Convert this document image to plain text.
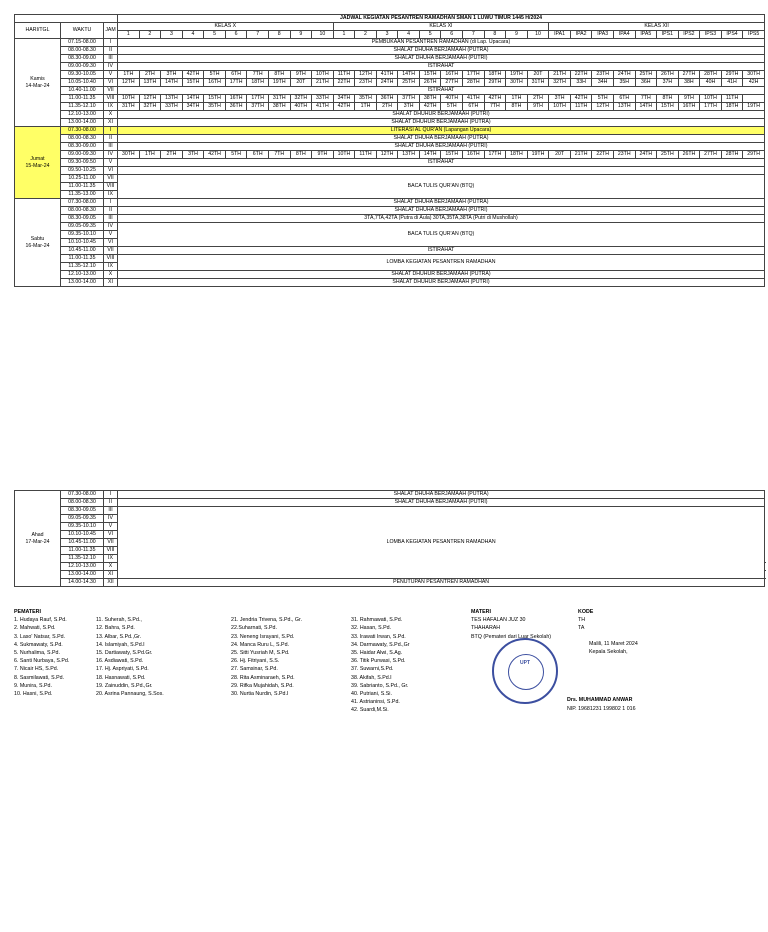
			JADWAL KEGIATAN PESANTREN RAMADHAN SMAN 1 LUWU TIMUR 1445 H/2024																														
HARI/TGL	WAKTU	JAM	KELAS X										KELAS XI										KELAS XII										
			1	2	3	4	5	6	7	8	9	10	1	2	3	4	5	6	7	8	9	10	IPA1	IPA2	IPA3	IPA4	IPA5	IPS1	IPS2	IPS3	IPS4	IPS5	

Kamis
14-Mar-24	07.15-08.00	I	PEMBUKAAN PESANTREN RAMADHAN (di Lap. Upacara)																														
	08.00-08.30	II	SHALAT DHUHA BERJAMAAH (PUTRA)																														
	08.30-09.00	III	SHALAT DHUHA BERJAMAAH (PUTRI)																														
	09.00-09.30	IV	ISTIRAHAT																														
	09.30-10.05	V	1TH	2TH	3TH	42TH	5TH	6TH	7TH	8TH	9TH	10TH	11TH	12TH	41TH	14TH	15TH	16TH	17TH	18TH	19TH	20T	21TH	22TH	23TH	24TH	25TH	26TH	27TH	28TH	29TH	30TH	
	10.05-10.40	VI	12TH	13TH	14TH	15TH	16TH	17TH	18TH	19TH	20T	21TH	22TH	23TH	24TH	25TH	26TH	27TH	28TH	29TH	30TH	31TH	32TH	33H	34H	35H	36H	37H	38H	40H	41H	42H	
	10.40-11.00	VII	ISTIRAHAT																														
	11.00-11.35	VIII	10TH	12TH	13TH	14TH	15TH	16TH	17TH	31TH	32TH	33TH	34TH	35TH	36TH	37TH	38TH	40TH	41TH	42TH	1TH	2TH	3TH	42TH	5TH	6TH	7TH	8TH	9TH	10TH	11TH		
	11.35-12.10	IX	31TH	32TH	33TH	34TH	35TH	36TH	37TH	38TH	40TH	41TH	42TH	1TH	2TH	3TH	42TH	5TH	6TH	7TH	8TH	9TH	10TH	11TH	12TH	13TH	14TH	15TH	16TH	17TH	18TH	19TH	
	12.10-13.00	X	SHALAT DHUHUR BERJAMAAH (PUTRI)																														
	13.00-14.00	XI	SHALAT DHUHUR BERJAMAAH (PUTRA)																														

Jumat
15-Mar-24	07.30-08.00	I	LITERASI AL QUR'AN (Lapangan Upacara)																														
	08.00-08.30	II	SHALAT DHUHA BERJAMAAH (PUTRA)																														
	08.30-09.00	III	SHALAT DHUHA BERJAMAAH (PUTRI)																														
	09.00-09.30	IV	30TH	1TH	2TH	3TH	42TH	5TH	6TH	7TH	8TH	9TH	10TH	11TH	12TH	13TH	14TH	15TH	16TH	17TH	18TH	19TH	20T	21TH	22TH	23TH	24TH	25TH	26TH	27TH	28TH	29TH	
	09.30-09.50	V	ISTIRAHAT																														
	09.50-10.25	VI																															
	10.25-11.00	VII	BACA TULIS QUR'AN (BTQ)																														
	11.00-11.35	VIII																															
	11.35-13.00	IX	

Sabtu
16-Mar-24	07.30-08.00	I	SHALAT DHUHA BERJAMAAH (PUTRA)																														
	08.00-08.30	II	SHALAT DHUHA BERJAMAAH (PUTRI)																														
	08.30-09.05	III	3TA,7TA,42TA (Putra di Aula) 30TA,35TA,38TA (Putri di Mushollah)																														
	09.05-09.35	IV	BACA TULIS QUR'AN (BTQ)																														
	09.35-10.10	V																															
	10.10-10.45	VI																															
	10.45-11.00	VII	ISTIRAHAT																														
	11.00-11.35	VIII	LOMBA KEGIATAN PESANTREN RAMADHAN																														
	11.35-12.10	IX																															
	12.10-13.00	X	SHALAT DHUHUR BERJAMAAH (PUTRA)																														
	13.00-14.00	XI	SHALAT DHUHUR BERJAMAAH (PUTRI)																														
Ahad
17-Mar-24	07.30-08.00	I	SHALAT DHUHA BERJAMAAH (PUTRA)	
	08.00-08.30	II	SHALAT DHUHA BERJAMAAH (PUTRI)	
	08.30-09.05	III	LOMBA KEGIATAN PESANTREN RAMADHAN	
	09.05-09.35	IV		
	09.35-10.10	V		
	10.10-10.45	VI		
	10.45-11.00	VII		
	11.00-11.35	VIII		
	11.35-12.10	IX		
	12.10-13.00	X	
	13.00-14.00	XI	
	14.00-14.30	XII	PENUTUPAN PESANTREN RAMADHAN	
PEMATERI
1. Hudaya Rauf, S.Pd.
2. Mahwati, S.Pd.
3. Laso' Natsar, S.Pd.
4. Sukmawaty, S.Pd.
5. Nurhalima, S.Pd.
6. Santi Nurbaya, S.Pd.
7. Nicair HS, S.Pd.
8. Sasmilawati, S.Pd.
9. Munira, S.Pd.
10. Hasni, S.Pd.
11. Suherah, S.Pd.,
12. Bahra, S.Pd.
13. Albar, S.Pd.,Gr.
14. Islamiyah, S.Pd.I
15. Dartiawaty, S.Pd.Gr.
16. Asdiawati, S.Pd.
17. Hj. Aspriyati, S.Pd.
18. Hasnawati, S.Pd.
19. Zainuddin, S.Pd.,Gr.
20. Asrina Pannaung, S.Sos.
21. Jendria Trivena, S.Pd., Gr.
22.Suharnati, S.Pd.
23. Neneng Israyani, S.Pd.
24. Manca Ruru L, S.Pd.
25. Sitti Yusriah M, S.Pd.
26. Hj. Fitriyani, S.S.
27. Samsinar, S.Pd.
28. Rita Asminaraeh, S.Pd.
29. Rifka Mujahidah, S.Pd.
30. Nurtia Nurdin, S.Pd.I
31. Rahmawati, S.Pd.
32. Hasan, S.Pd.
33. Irawati Irwan, S.Pd.
34. Darmawaty, S.Pd.,Gr
35. Haidar Alwi, S.Ag.
36. Titik Purwasi, S.Pd.
37. Suwarni,S.Pd.
38. Akifah, S.Pd.I
39. Sabrianto, S.Pd., Gr.
40. Putriani, S.Si.
41. Astrianinsi, S.Pd.
42. Suardi,M.Si.
MATERI
TES HAFALAN JUZ 30
THAHARAH
BTQ (Pemateri dari Luar Sekolah)
KODE
TH
TA
Malili, 11 Maret 2024
Kepala Sekolah,
Drs. MUHAMMAD ANWAR
NIP. 19681231 199802 1 016
UPT
